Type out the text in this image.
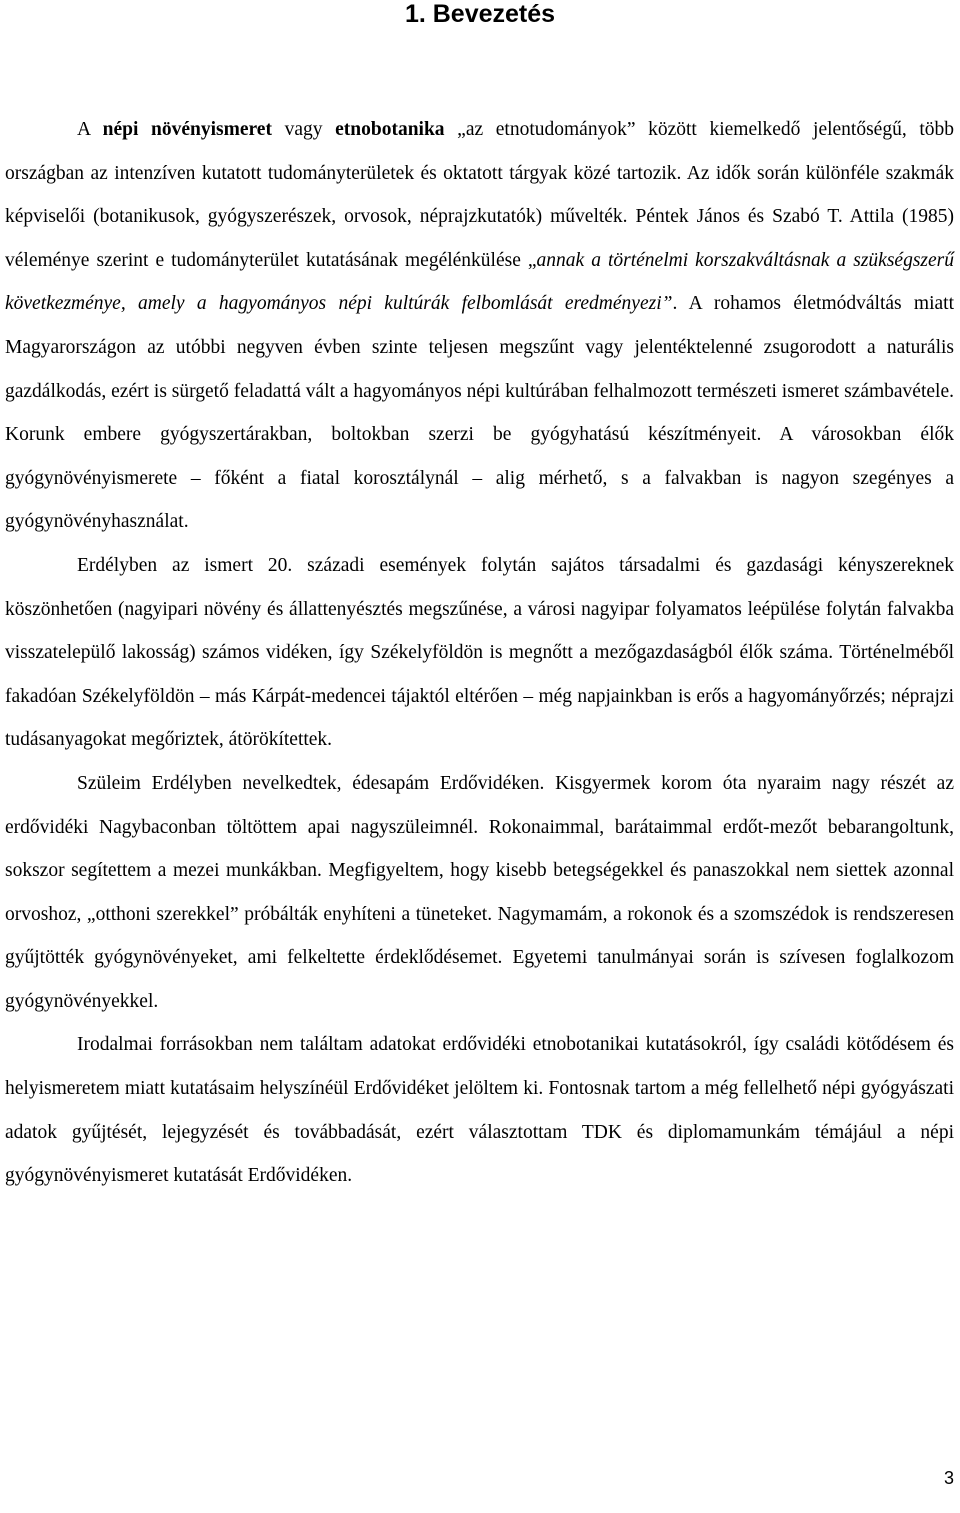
1. Bevezetés

A népi növényismeret vagy etnobotanika „az etnotudományok” között kiemelkedő jelentőségű, több országban az intenzíven kutatott tudományterületek és oktatott tárgyak közé tartozik. Az idők során különféle szakmák képviselői (botanikusok, gyógyszerészek, orvosok, néprajzkutatók) művelték. Péntek János és Szabó T. Attila (1985) véleménye szerint e tudományterület kutatásának megélénkülése „annak a történelmi korszakváltásnak a szükségszerű következménye, amely a hagyományos népi kultúrák felbomlását eredményezi”. A rohamos életmódváltás miatt Magyarországon az utóbbi negyven évben szinte teljesen megszűnt vagy jelentéktelenné zsugorodott a naturális gazdálkodás, ezért is sürgető feladattá vált a hagyományos népi kultúrában felhalmozott természeti ismeret számbavétele. Korunk embere gyógyszertárakban, boltokban szerzi be gyógyhatású készítményeit. A városokban élők gyógynövényismerete – főként a fiatal korosztálynál – alig mérhető, s a falvakban is nagyon szegényes a gyógynövényhasználat.

Erdélyben az ismert 20. századi események folytán sajátos társadalmi és gazdasági kényszereknek köszönhetően (nagyipari növény és állattenyésztés megszűnése, a városi nagyipar folyamatos leépülése folytán falvakba visszatelepülő lakosság) számos vidéken, így Székelyföldön is megnőtt a mezőgazdaságból élők száma. Történelméből fakadóan Székelyföldön – más Kárpát-medencei tájaktól eltérően – még napjainkban is erős a hagyományőrzés; néprajzi tudásanyagokat megőriztek, átörökítettek.

Szüleim Erdélyben nevelkedtek, édesapám Erdővidéken. Kisgyermek korom óta nyaraim nagy részét az erdővidéki Nagybaconban töltöttem apai nagyszüleimnél. Rokonaimmal, barátaimmal erdőt-mezőt bebarangoltunk, sokszor segítettem a mezei munkákban. Megfigyeltem, hogy kisebb betegségekkel és panaszokkal nem siettek azonnal orvoshoz, „otthoni szerekkel” próbálták enyhíteni a tüneteket. Nagymamám, a rokonok és a szomszédok is rendszeresen gyűjtötték gyógynövényeket, ami felkeltette érdeklődésemet. Egyetemi tanulmányai során is szívesen foglalkozom gyógynövényekkel.

Irodalmai forrásokban nem találtam adatokat erdővidéki etnobotanikai kutatásokról, így családi kötődésem és helyismeretem miatt kutatásaim helyszínéül Erdővidéket jelöltem ki. Fontosnak tartom a még fellelhető népi gyógyászati adatok gyűjtését, lejegyzését és továbbadását, ezért választottam TDK és diplomamunkám témájául a népi gyógynövényismeret kutatását Erdővidéken.

3
